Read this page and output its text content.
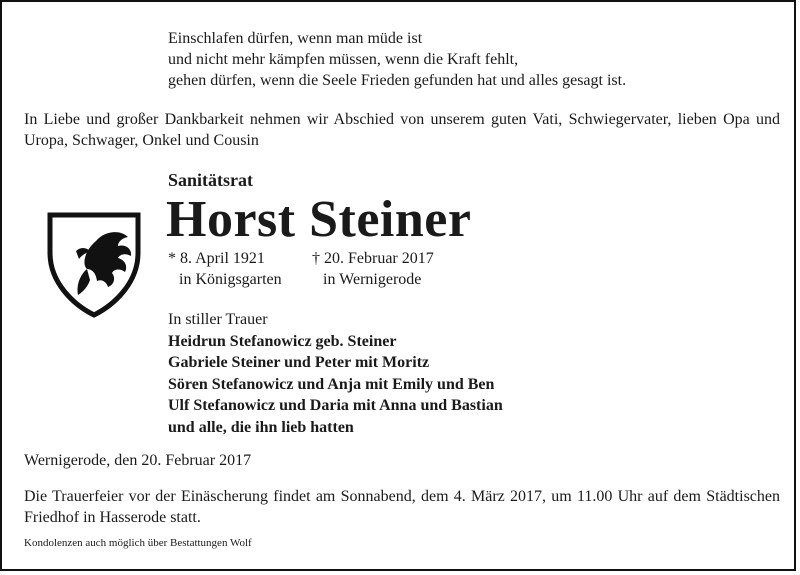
Einschlafen dürfen, wenn man müde ist
und nicht mehr kämpfen müssen, wenn die Kraft fehlt,
gehen dürfen, wenn die Seele Frieden gefunden hat und alles gesagt ist.
In Liebe und großer Dankbarkeit nehmen wir Abschied von unserem guten Vati, Schwiegervater, lieben Opa und Uropa, Schwager, Onkel und Cousin
Sanitätsrat
Horst Steiner
* 8. April 1921
in Königsgarten
† 20. Februar 2017
in Wernigerode
In stiller Trauer
Heidrun Stefanowicz geb. Steiner
Gabriele Steiner und Peter mit Moritz
Sören Stefanowicz und Anja mit Emily und Ben
Ulf Stefanowicz und Daria mit Anna und Bastian
und alle, die ihn lieb hatten
Wernigerode, den 20. Februar 2017
Die Trauerfeier vor der Einäscherung findet am Sonnabend, dem 4. März 2017, um 11.00 Uhr auf dem Städtischen Friedhof in Hasserode statt.
Kondolenzen auch möglich über Bestattungen Wolf
